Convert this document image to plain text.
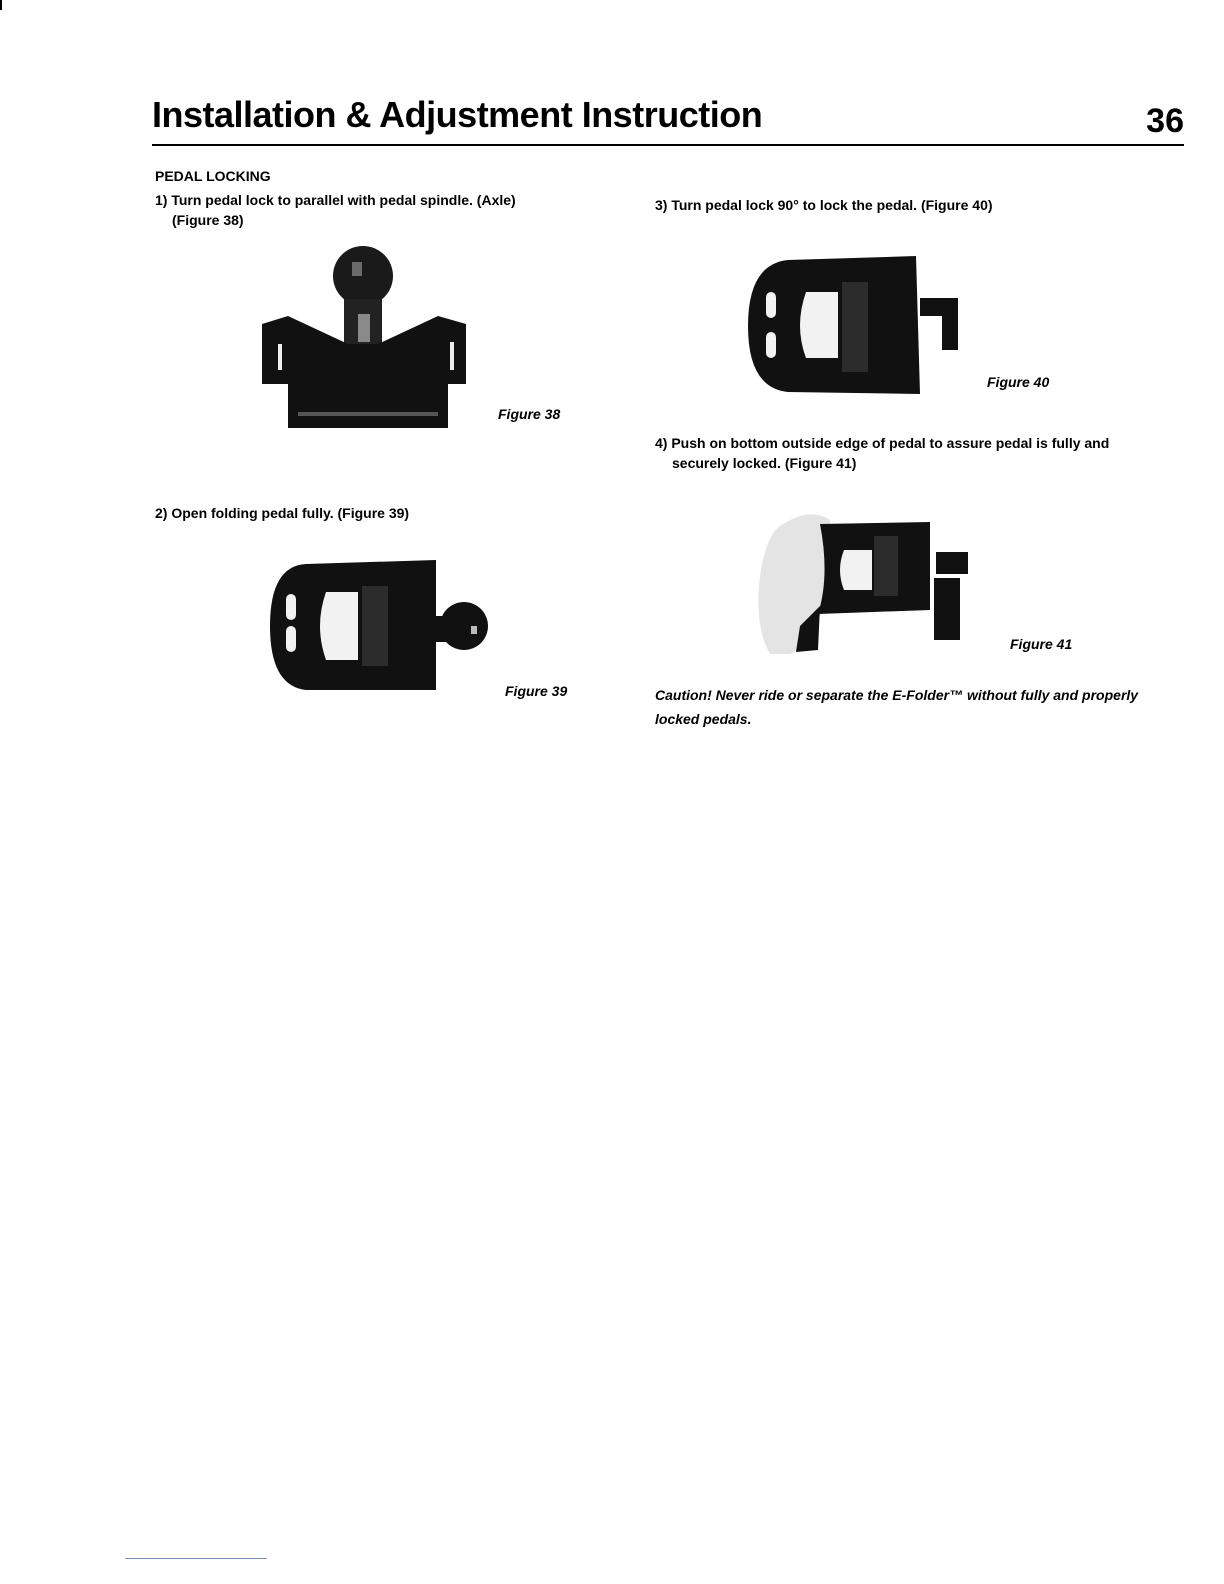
Installation & Adjustment Instruction	36
PEDAL LOCKING
1) Turn pedal lock to parallel with pedal spindle. (Axle)
(Figure 38)
Figure 38
2) Open folding pedal fully. (Figure 39)
Figure 39
3) Turn pedal lock 90° to lock the pedal. (Figure 40)
Figure 40
4) Push on bottom outside edge of pedal to assure pedal is fully and
securely locked. (Figure 41)
Figure 41
Caution! Never ride or separate the E-Folder™ without fully and properly locked pedals.
